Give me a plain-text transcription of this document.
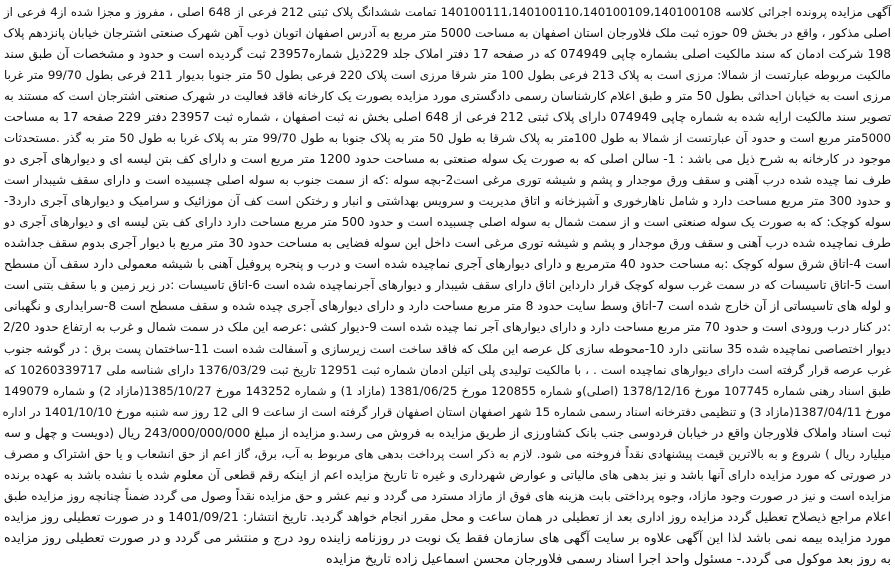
آگهی مزایده پرونده اجرائی کلاسه 140100111،140100110،140100109،140100108 تمامت ششدانگ پلاک ثبتی 212 فرعی از 648 اصلی ، مفروز و مجزا شده از4 فرعی از
اصلی مذکور ، واقع در بخش 09 حوزه ثبت ملک فلاورجان استان اصفهان به مساحت 5000 متر مربع به آدرس اصفهان اتوبان ذوب آهن شهرک صنعتی اشترجان خیابان پانزدهم پلاک
198 شرکت ادمان که سند مالکیت اصلی بشماره چاپی 074949 که در صفحه 17 دفتر املاک جلد 229ذیل شماره23957 ثبت گردیده است و حدود و مشخصات آن طبق سند
مالکیت مربوطه عبارتست از شمالا: مرزی است به پلاک 213 فرعی بطول 100 متر شرقا مرزی است پلاک 220 فرعی بطول 50 متر جنوبا بدیوار 211 فرعی بطول 99/70 متر غربا
مرزی است به خیابان احداثی بطول 50 متر و طبق اعلام کارشناسان رسمی دادگستری مورد مزایده بصورت یک کارخانه فاقد فعالیت در شهرک صنعتی اشترجان است که مستند به
تصویر سند مالکیت ارایه شده به شماره چاپی 074949 دارای پلاک ثبتی 212 فرعی از 648 اصلی بخش نه ثبت اصفهان ، شماره ثبت 23957 دفتر 229 صفحه 17 به مساحت
5000متر مربع است و حدود آن عبارتست از شمالا به طول 100متر به پلاک شرقا به طول 50 متر به پلاک جنوبا به طول 99/70 متر به پلاک غربا به طول 50 متر به گذر .مستحدثات
موجود در کارخانه به شرح ذیل می باشد : 1- سالن اصلی که به صورت یک سوله صنعتی به مساحت حدود 1200 متر مربع است و دارای کف بتن لیسه ای و دیوارهای آجری دو
طرف نما چیده شده درب آهنی و سقف ورق موجدار و پشم و شیشه توری مرغی است2-بچه سوله :که از سمت جنوب به سوله اصلی چسبیده است و دارای سقف شیبدار است
و حدود 300 متر مربع مساحت دارد و شامل ناهارخوری و آشپزخانه و اتاق مدیریت و سرویس بهداشتی و انبار و رختکن است کف آن موزائیک و سرامیک و دیوارهای آجری دارد3-
سوله کوچک: که به صورت یک سوله صنعتی است و از سمت شمال به سوله اصلی چسبیده است و حدود 500 متر مربع مساحت دارد دارای کف بتن لیسه ای و دیوارهای آجری دو
طرف نماچیده شده درب آهنی و سقف ورق موجدار و پشم و شیشه توری مرغی است داخل این سوله فضایی به مساحت حدود 30 متر مربع با دیوار آجری بدوم سقف جداشده
است 4-اتاق شرق سوله کوچک :به مساحت حدود 40 مترمربع و دارای دیوارهای آجری نماچیده شده است و درب و پنجره پروفیل آهنی با شیشه معمولی دارد سقف آن مسطح
است 5-اتاق تاسیسات که در سمت غرب سوله کوچک قرار دارداین اتاق دارای سقف شیبدار و دیوارهای آجرنماچیده شده است 6-اتاق تاسیسات :در زیر زمین و با سقف بتنی است
و لوله های تاسیساتی از آن خارج شده است 7-اتاق وسط سایت حدود 8 متر مربع مساحت دارد و دارای دیوارهای آجری چیده شده و سقف مسطح است 8-سرایداری و نگهبانی
:در کنار درب ورودی است و حدود 70 متر مربع مساحت دارد و دارای دیوارهای آجر نما چیده شده است 9-دیوار کشی :عرصه این ملک در سمت شمال و غرب به ارتفاع حدود 2/20
دیوار اختصاصی نماچیده شده 35 سانتی دارد 10-محوطه سازی کل عرصه این ملک که فاقد ساخت است زیرسازی و آسفالت شده است 11-ساختمان پست برق : در گوشه جنوب
غرب عرصه قرار گرفته است دارای دیوارهای نماچیده است . ، با مالکیت تولیدی پلی اتیلن ادمان شماره ثبت 12951 تاریخ ثبت 1376/03/29 دارای شناسه ملی 10260339717 که
طبق اسناد رهنی شماره 107745 مورخ 1378/12/16 (اصلی)و شماره 120855 مورخ 1381/06/25 (مازاد 1) و شماره 143252 مورخ 1385/10/27(مازاد 2) و شماره 149079
مورخ 1387/04/11(مازاد 3) و تنظیمی دفترخانه اسناد رسمی شماره 15 شهر اصفهان استان اصفهان قرار گرفته است از ساعت 9 الی 12 روز سه شنبه مورخ 1401/10/10 در اداره
ثبت اسناد واملاک فلاورجان واقع در خیابان فردوسی جنب بانک کشاورزی از طریق مزایده به فروش می رسد.و مزایده از مبلغ 243/000/000/000 ریال (دویست و چهل و سه
میلیارد ریال ) شروع و به بالاترین قیمت پیشنهادی نقداً فروخته می شود. لازم به ذکر است پرداخت بدهی های مربوط به آب، برق، گاز اعم از حق انشعاب و یا حق اشتراک و مصرف
در صورتی که مورد مزایده دارای آنها باشد و نیز بدهی های مالیاتی و عوارض شهرداری و غیره تا تاریخ مزایده اعم از اینکه رقم قطعی آن معلوم شده یا نشده باشد به عهده برنده
مزایده است و نیز در صورت وجود مازاد، وجوه پرداختی بابت هزینه های فوق از مازاد مسترد می گردد و نیم عشر و حق مزایده نقداً وصول می گردد ضمناً چنانچه روز مزایده طبق
اعلام مراجع ذیصلاح تعطیل گردد مزایده روز اداری بعد از تعطیلی در همان ساعت و محل مقرر انجام خواهد گردید. تاریخ انتشار: 1401/09/21 و در صورت تعطیلی روز مزایده
مورد مزایده بیمه نمی باشد لذا این آگهی علاوه بر سایت آگهی های سازمان فقط یک نوبت در روزنامه زاینده رود درج و منتشر می گردد و در صورت تعطیلی روز مزایده
به روز بعد موکول می گردد.- مسئول واحد اجرا اسناد رسمی فلاورجان محسن اسماعیل زاده تاریخ مزایده
